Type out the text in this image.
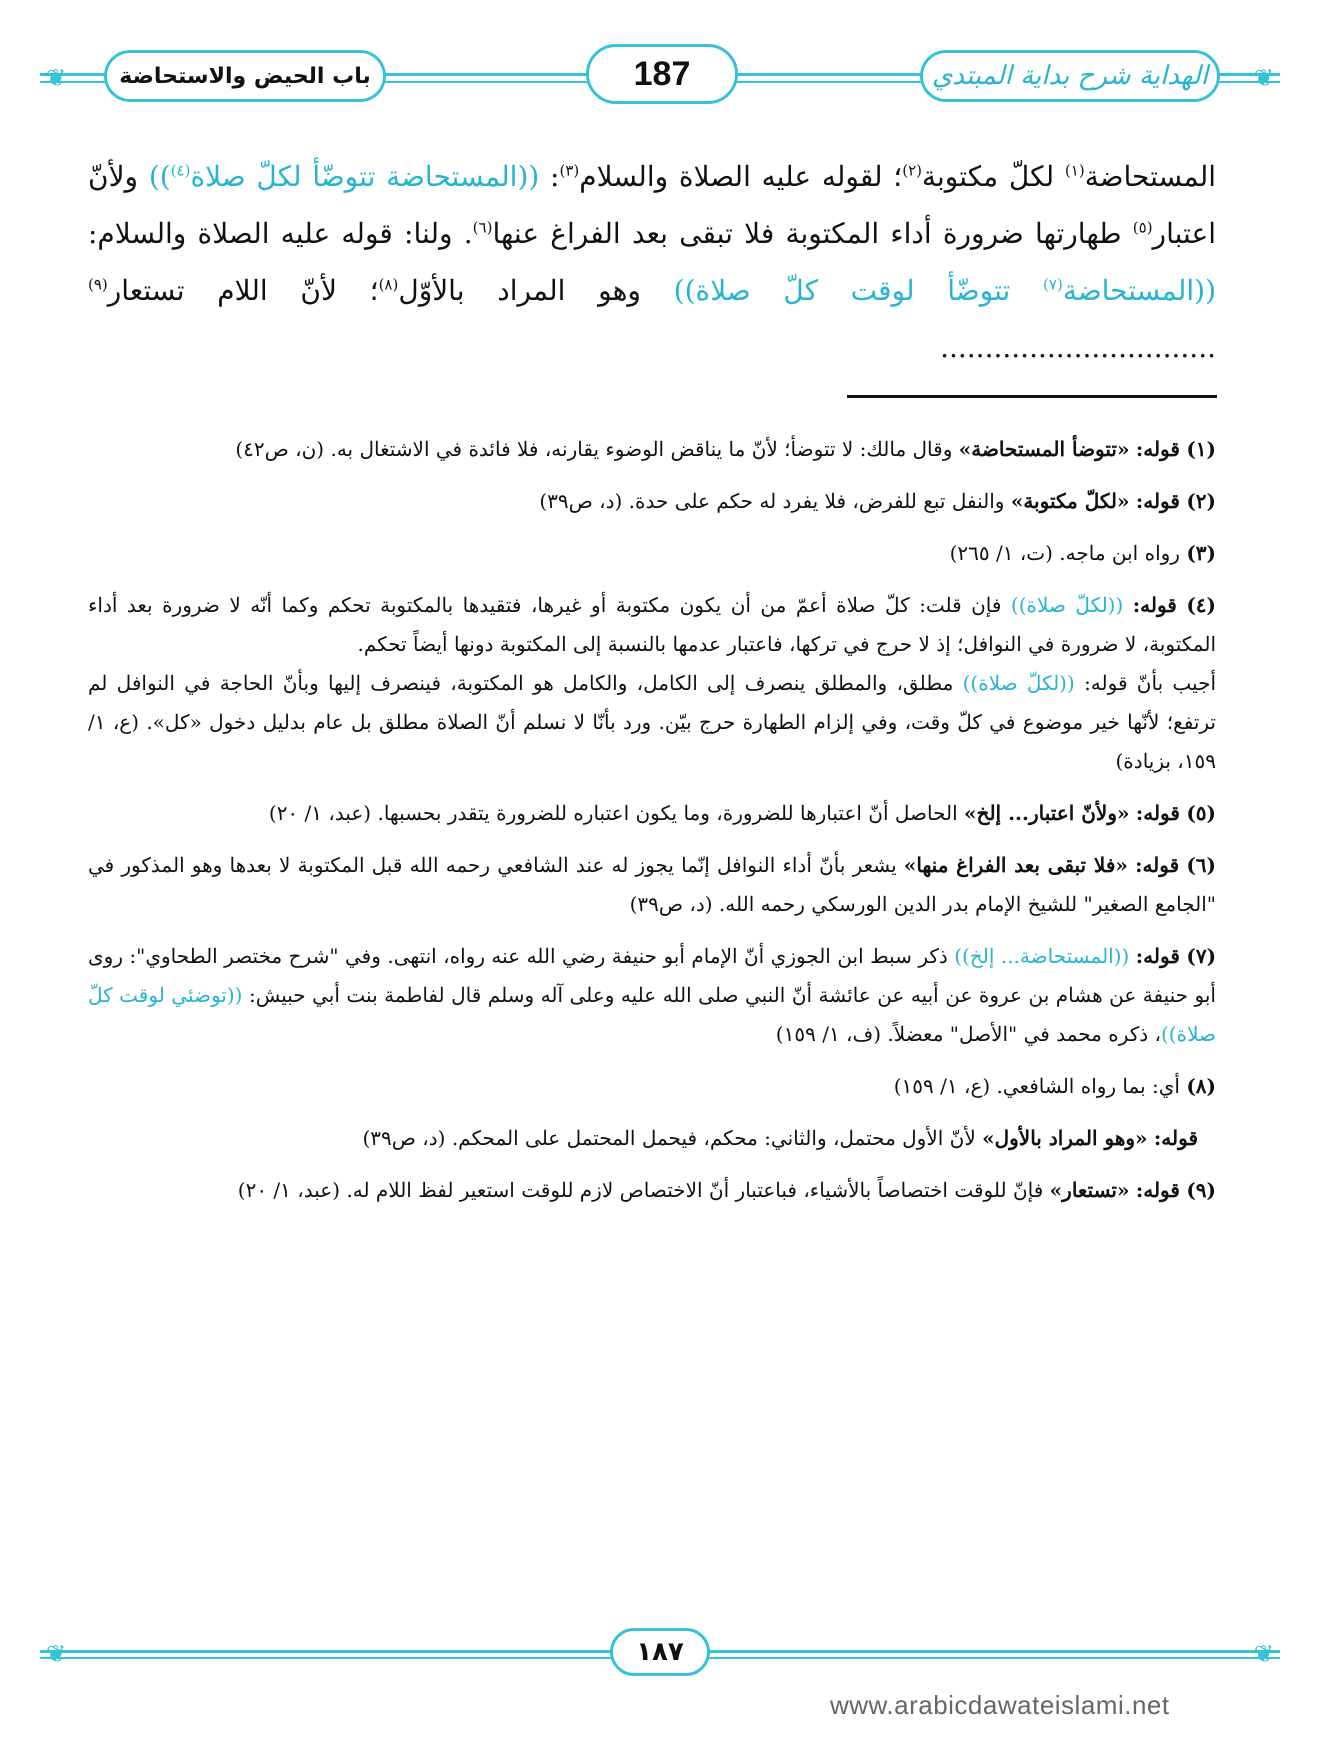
❦	❦
باب الحيض والاستحاضة	187	الهداية شرح بداية المبتدي
المستحاضة$^{(١)}$ لكلّ مكتوبة$^{(٢)}$؛ لقوله عليه الصلاة والسلام$^{(٣)}$: ((المستحاضة تتوضّأ لكلّ صلاة$^{(٤)}$)) ولأنّ اعتبار$^{(٥)}$ طهارتها ضرورة أداء المكتوبة فلا تبقى بعد الفراغ عنها$^{(٦)}$. ولنا: قوله عليه الصلاة والسلام: ((المستحاضة$^{(٧)}$ تتوضّأ لوقت كلّ صلاة)) وهو المراد بالأوّل$^{(٨)}$؛ لأنّ اللام تستعار$^{(٩)}$ ...............................
(١) قوله: «تتوضأ المستحاضة» وقال مالك: لا تتوضأ؛ لأنّ ما يناقض الوضوء يقارنه، فلا فائدة في الاشتغال به. (ن، ص٤٢)
(٢) قوله: «لكلّ مكتوبة» والنفل تبع للفرض، فلا يفرد له حكم على حدة. (د، ص٣٩)
(٣) رواه ابن ماجه. (ت، ١/ ٢٦٥)

(٤) قوله: ((لكلّ صلاة)) فإن قلت: كلّ صلاة أعمّ من أن يكون مكتوبة أو غيرها، فتقيدها بالمكتوبة تحكم وكما أنّه لا ضرورة بعد أداء المكتوبة، لا ضرورة في النوافل؛ إذ لا حرج في تركها، فاعتبار عدمها بالنسبة إلى المكتوبة دونها أيضاً تحكم.

أجيب بأنّ قوله: ((لكلّ صلاة)) مطلق، والمطلق ينصرف إلى الكامل، والكامل هو المكتوبة، فينصرف إليها وبأنّ الحاجة في النوافل لم ترتفع؛ لأنّها خير موضوع في كلّ وقت، وفي إلزام الطهارة حرج بيّن. ورد بأنّا لا نسلم أنّ الصلاة مطلق بل عام بدليل دخول «كل». (ع، ١/ ١٥٩، بزيادة)

(٥) قوله: «ولأنّ اعتبار... إلخ» الحاصل أنّ اعتبارها للضرورة، وما يكون اعتباره للضرورة يتقدر بحسبها. (عبد، ١/ ٢٠)
(٦) قوله: «فلا تبقى بعد الفراغ منها» يشعر بأنّ أداء النوافل إنّما يجوز له عند الشافعي رحمه الله قبل المكتوبة لا بعدها وهو المذكور في "الجامع الصغير" للشيخ الإمام بدر الدين الورسكي رحمه الله. (د، ص٣٩)
(٧) قوله: ((المستحاضة... إلخ)) ذكر سبط ابن الجوزي أنّ الإمام أبو حنيفة رضي الله عنه رواه، انتهى. وفي "شرح مختصر الطحاوي": روى أبو حنيفة عن هشام بن عروة عن أبيه عن عائشة أنّ النبي صلى الله عليه وعلى آله وسلم قال لفاطمة بنت أبي حبيش: ((توضئي لوقت كلّ صلاة))، ذكره محمد في "الأصل" معضلاً. (ف، ١/ ١٥٩)
(٨) أي: بما رواه الشافعي. (ع، ١/ ١٥٩)
قوله: «وهو المراد بالأول» لأنّ الأول محتمل، والثاني: محكم، فيحمل المحتمل على المحكم. (د، ص٣٩)
(٩) قوله: «تستعار» فإنّ للوقت اختصاصاً بالأشياء، فباعتبار أنّ الاختصاص لازم للوقت استعير لفظ اللام له. (عبد، ١/ ٢٠)
❦	❦
١٨٧
www.arabicdawateislami.net
